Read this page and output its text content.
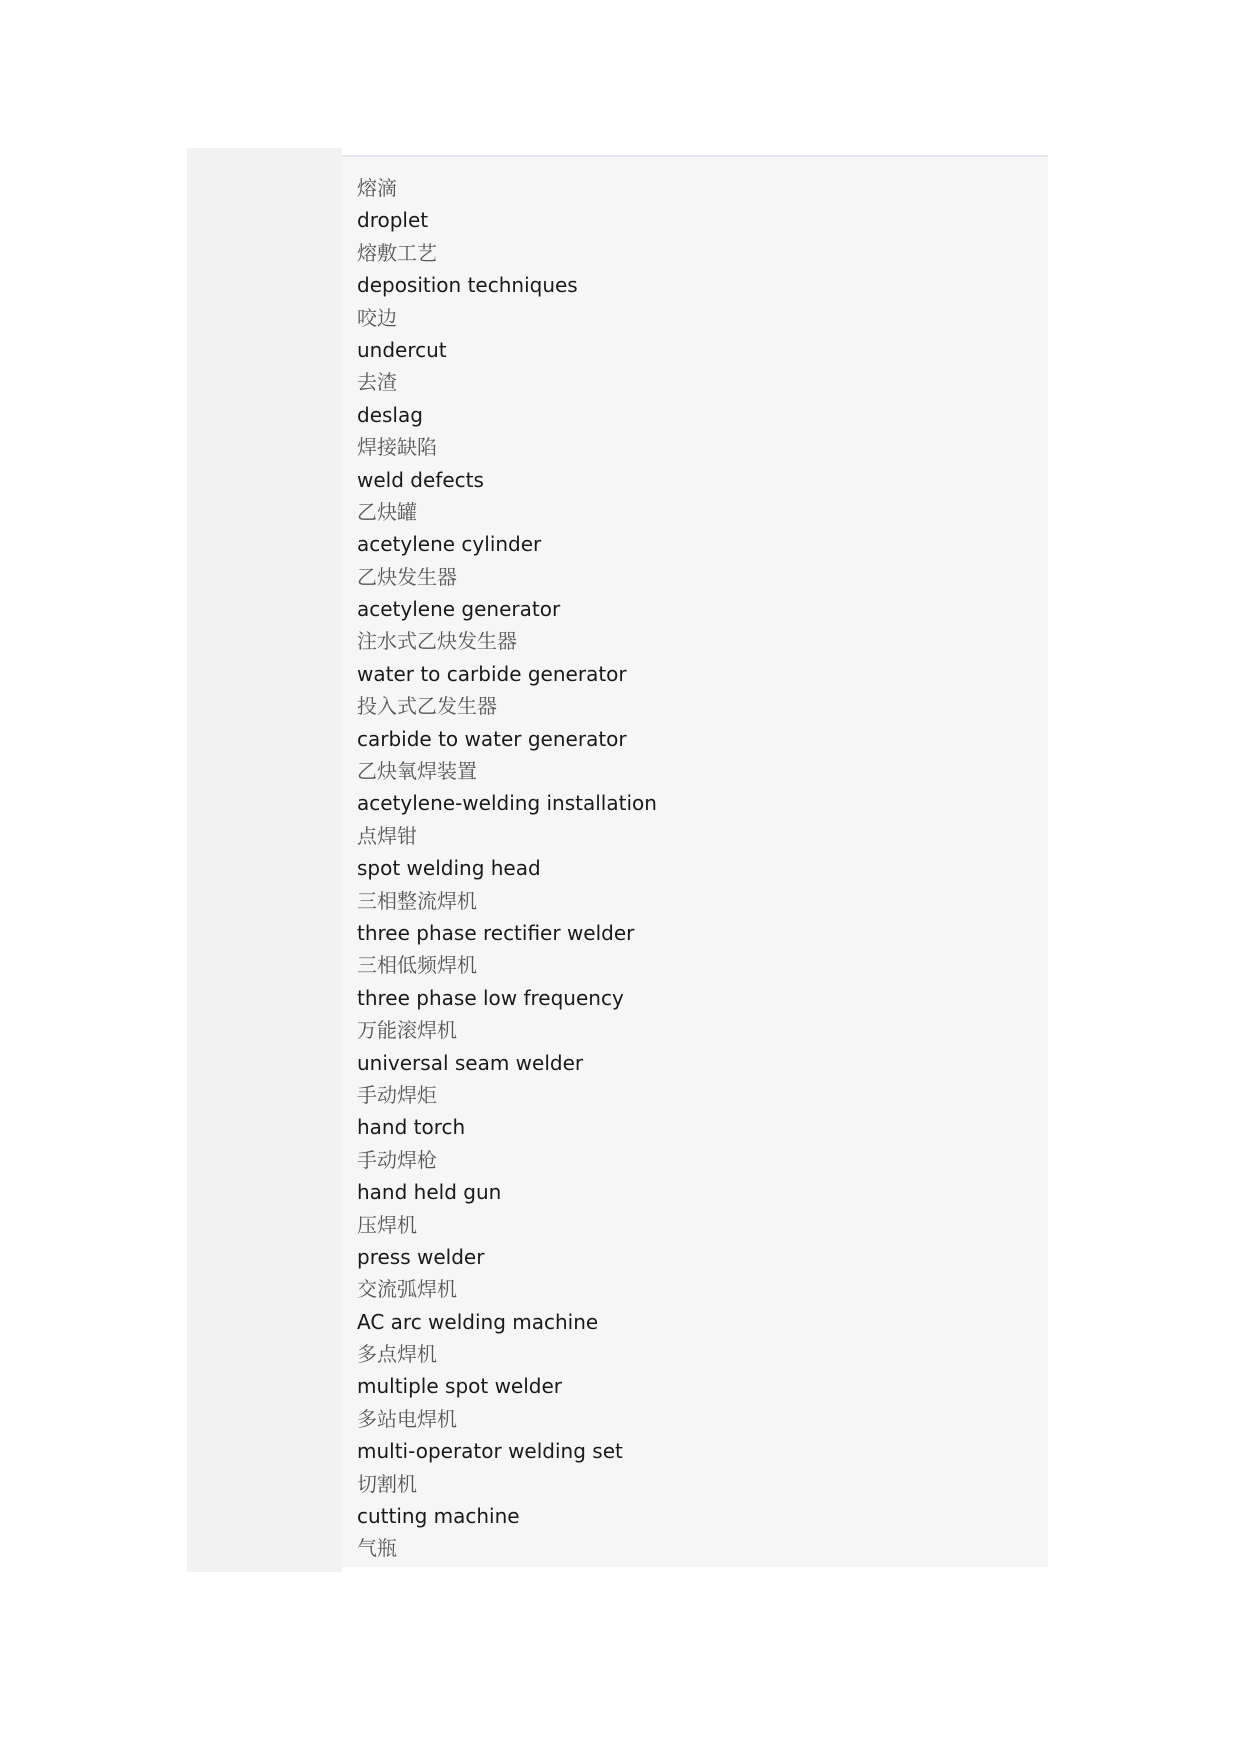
熔滴
droplet
熔敷工艺
deposition techniques
咬边
undercut
去渣
deslag
焊接缺陷
weld defects
乙炔罐
acetylene cylinder
乙炔发生器
acetylene generator
注水式乙炔发生器
water to carbide generator
投入式乙发生器
carbide to water generator
乙炔氧焊装置
acetylene-welding installation
点焊钳
spot welding head
三相整流焊机
three phase rectifier welder
三相低频焊机
three phase low frequency
万能滚焊机
universal seam welder
手动焊炬
hand torch
手动焊枪
hand held gun
压焊机
press welder
交流弧焊机
AC arc welding machine
多点焊机
multiple spot welder
多站电焊机
multi-operator welding set
切割机
cutting machine
气瓶
